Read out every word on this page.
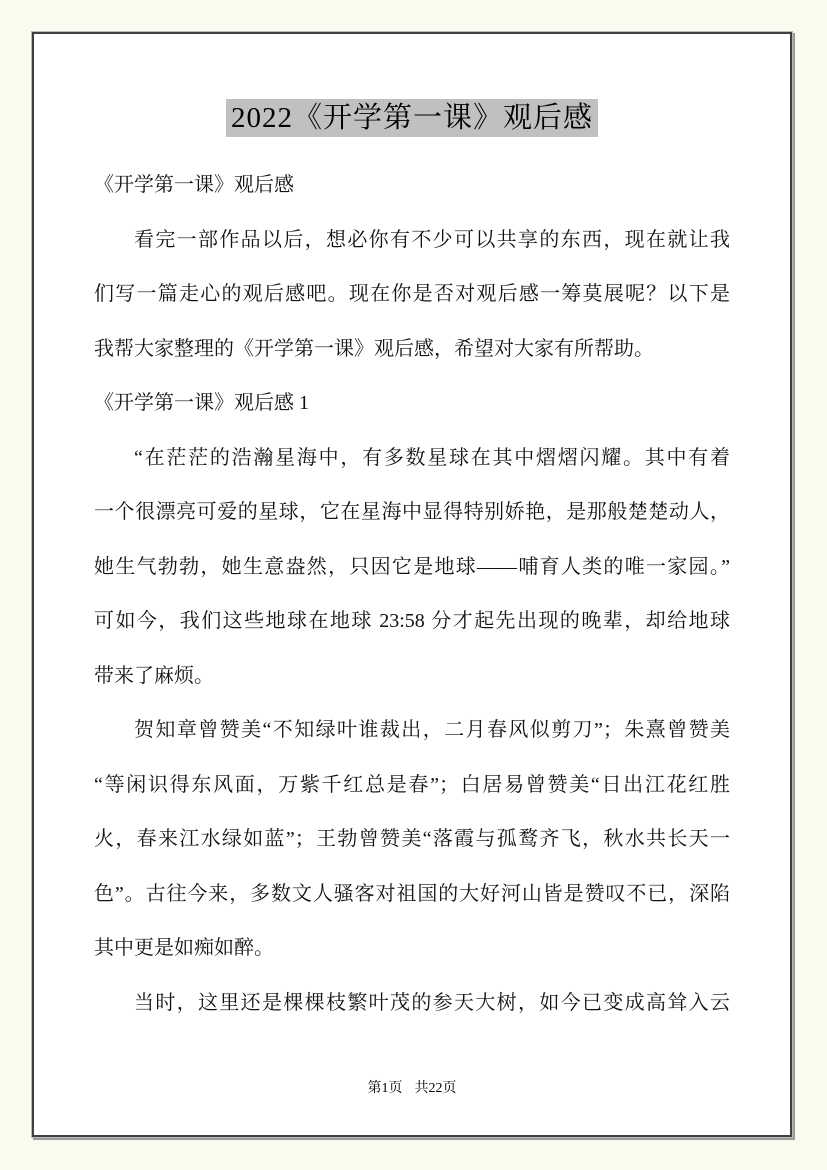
2022《开学第一课》观后感
《开学第一课》观后感
看完一部作品以后，想必你有不少可以共享的东西，现在就让我
们写一篇走心的观后感吧。现在你是否对观后感一筹莫展呢？以下是
我帮大家整理的《开学第一课》观后感，希望对大家有所帮助。
《开学第一课》观后感 1
“在茫茫的浩瀚星海中，有多数星球在其中熠熠闪耀。其中有着
一个很漂亮可爱的星球，它在星海中显得特别娇艳，是那般楚楚动人，
她生气勃勃，她生意盎然，只因它是地球——哺育人类的唯一家园。”
可如今，我们这些地球在地球 23:58 分才起先出现的晚辈，却给地球
带来了麻烦。
贺知章曾赞美“不知绿叶谁裁出，二月春风似剪刀”；朱熹曾赞美
“等闲识得东风面，万紫千红总是春”；白居易曾赞美“日出江花红胜
火，春来江水绿如蓝”；王勃曾赞美“落霞与孤鹜齐飞，秋水共长天一
色”。古往今来，多数文人骚客对祖国的大好河山皆是赞叹不已，深陷
其中更是如痴如醉。
当时，这里还是棵棵枝繁叶茂的参天大树，如今已变成高耸入云
第1页 共22页
